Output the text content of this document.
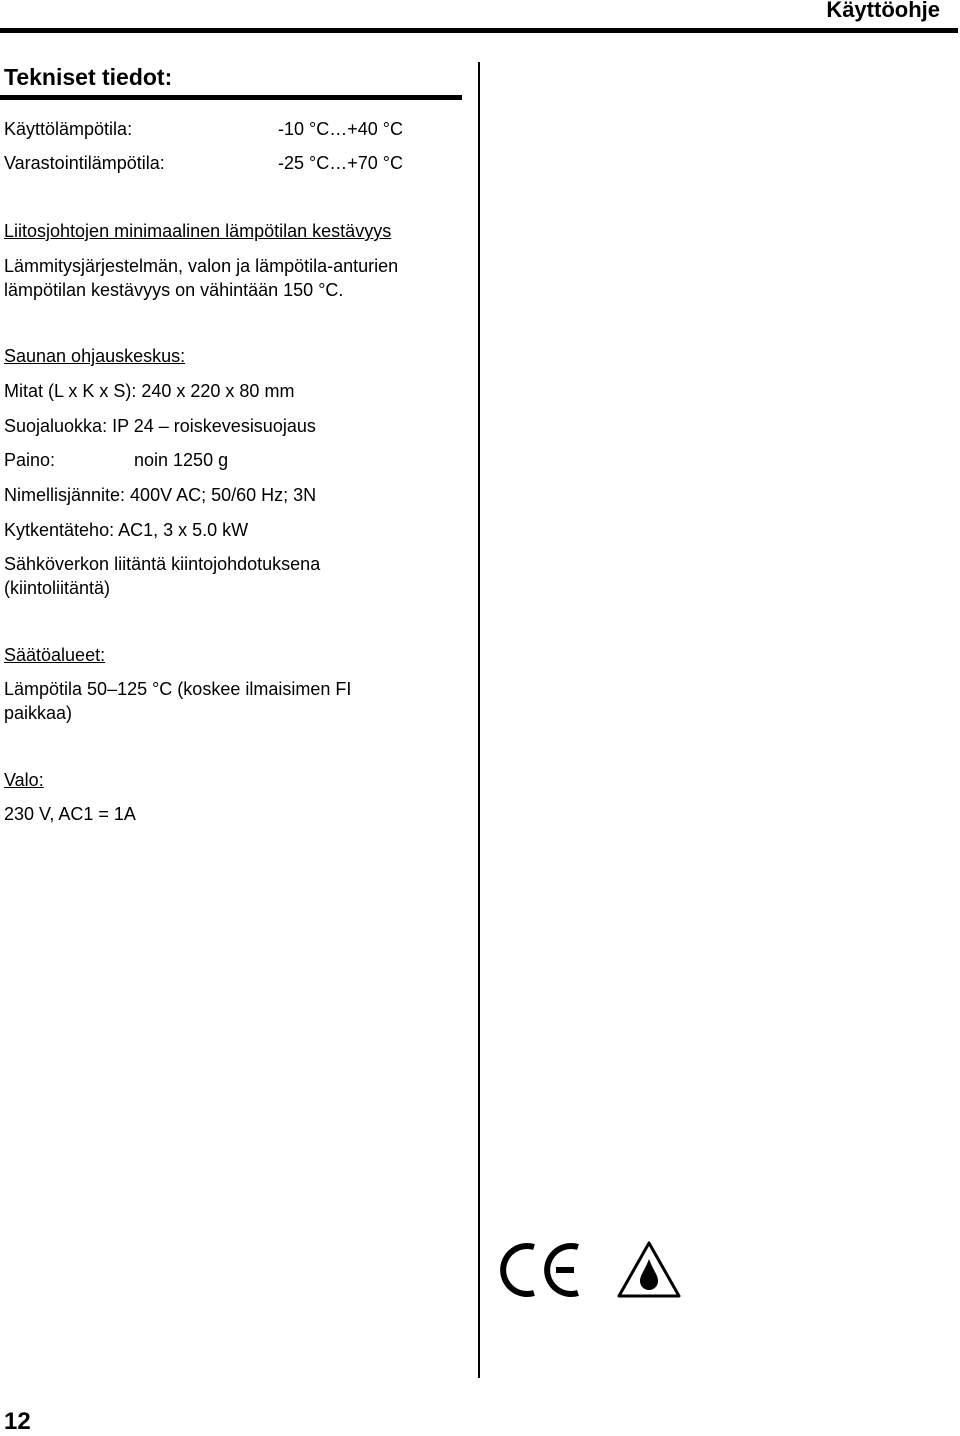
Käyttöohje
Tekniset tiedot:
Käyttölämpötila:	-10 °C…+40 °C
Varastointilämpötila:	-25 °C…+70 °C
Liitosjohtojen minimaalinen lämpötilan kestävyys
Lämmitysjärjestelmän, valon ja lämpötila-anturien
lämpötilan kestävyys on vähintään 150 °C.
Saunan ohjauskeskus:
Mitat (L x K x S): 240 x 220 x 80 mm
Suojaluokka: IP 24 – roiskevesisuojaus
Paino:	noin 1250 g
Nimellisjännite: 400V AC; 50/60 Hz; 3N
Kytkentäteho: AC1, 3 x 5.0 kW
Sähköverkon liitäntä kiintojohdotuksena
(kiintoliitäntä)
Säätöalueet:
Lämpötila 50–125 °C (koskee ilmaisimen FI
paikkaa)
Valo:
230 V, AC1 = 1A
12
